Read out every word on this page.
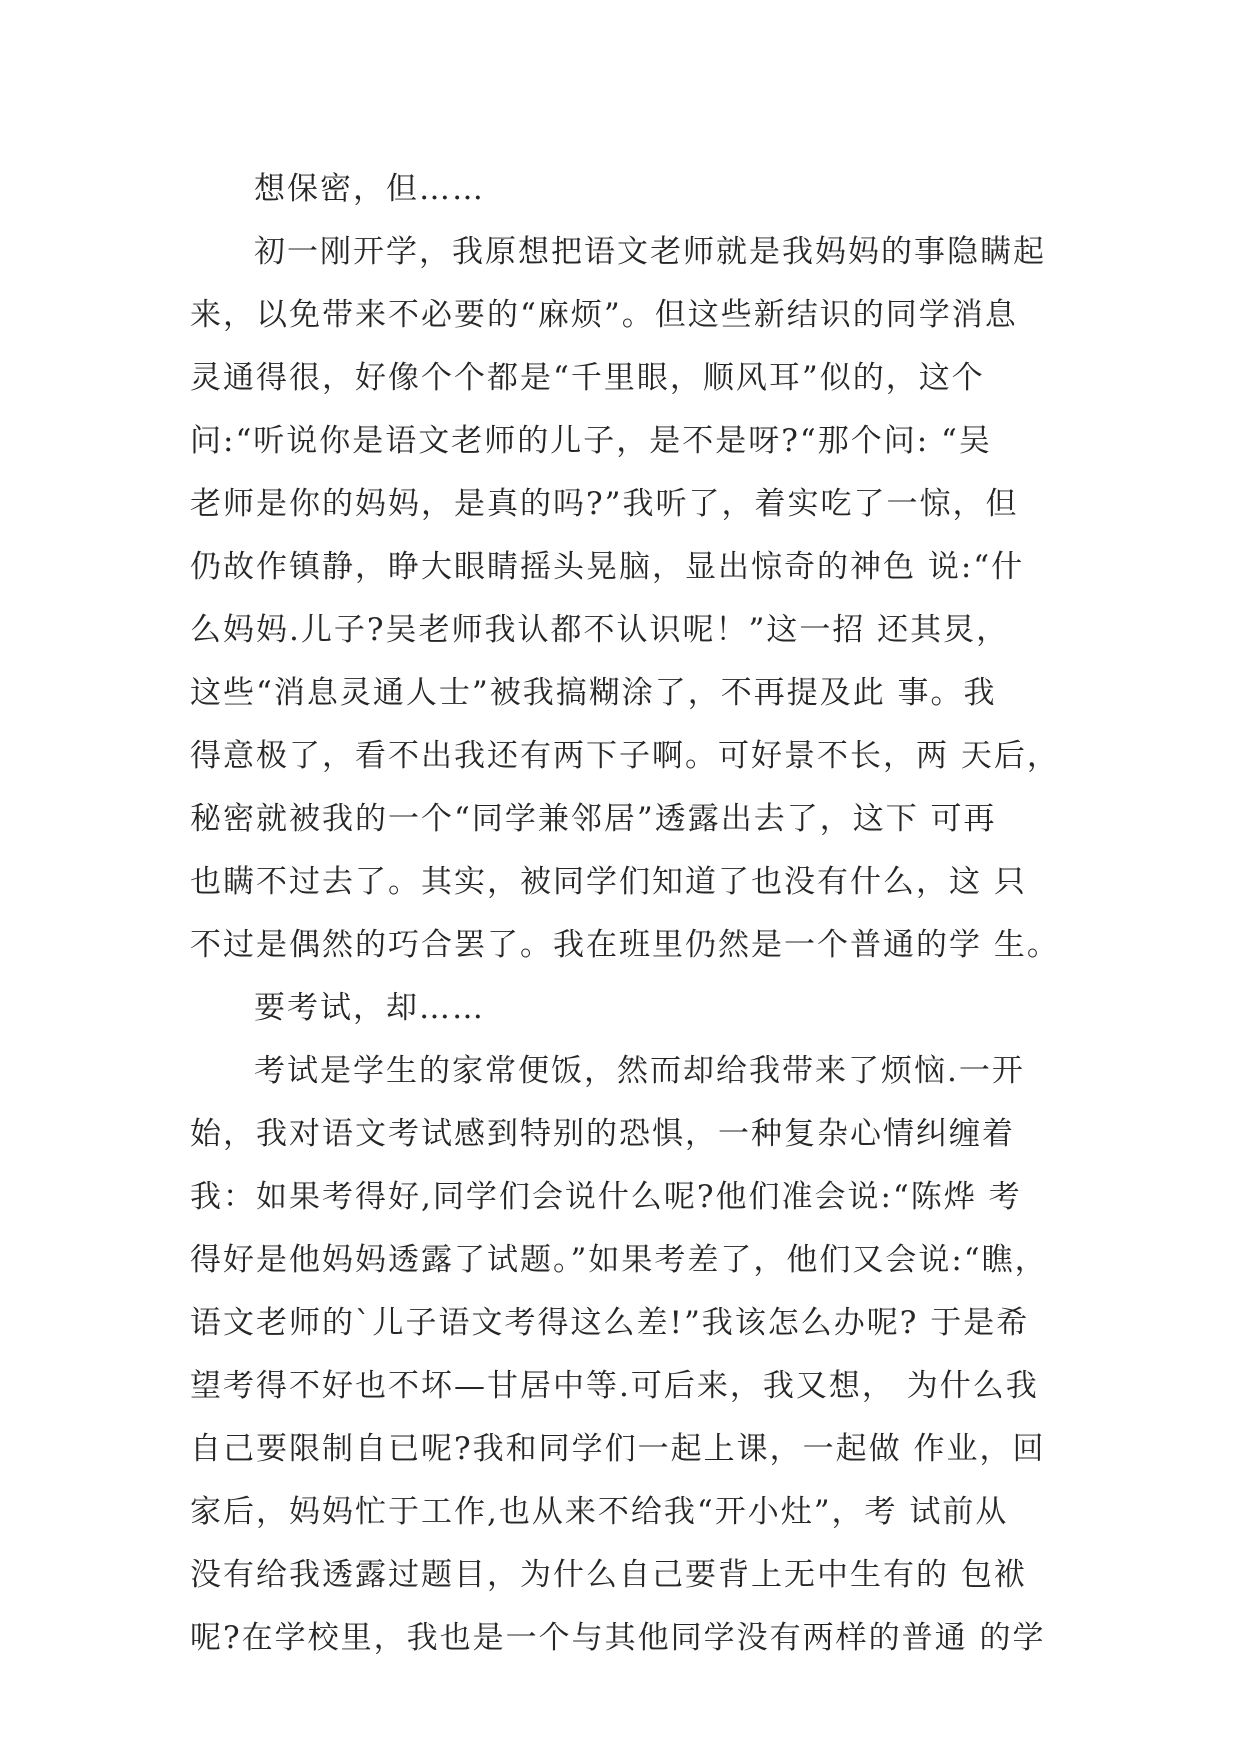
想保密，但……
初一刚开学，我原想把语文老师就是我妈妈的事隐瞒起
来，以免带来不必要的“麻烦”。但这些新结识的同学消息
灵通得很，好像个个都是“千里眼，顺风耳”似的，这个
问:“听说你是语文老师的儿子，是不是呀?“那个问: “吴
老师是你的妈妈，是真的吗?”我听了，着实吃了一惊，但
仍故作镇静，睁大眼睛摇头晃脑，显出惊奇的神色 说:“什
么妈妈.儿子?吴老师我认都不认识呢！”这一招 还其炅，
这些“消息灵通人士”被我搞糊涂了，不再提及此 事。我
得意极了，看不出我还有两下子啊。可好景不长，两 天后，
秘密就被我的一个“同学兼邻居”透露出去了，这下 可再
也瞒不过去了。其实，被同学们知道了也没有什么，这 只
不过是偶然的巧合罢了。我在班里仍然是一个普通的学 生。
要考试，却……
考试是学生的家常便饭，然而却给我带来了烦恼.一开
始，我对语文考试感到特别的恐惧，一种复杂心情纠缠着
我：如果考得好,同学们会说什么呢?他们准会说:“陈烨 考
得好是他妈妈透露了试题。”如果考差了，他们又会说:“瞧，
语文老师的`儿子语文考得这么差!”我该怎么办呢? 于是希
望考得不好也不坏—甘居中等.可后来，我又想， 为什么我
自己要限制自已呢?我和同学们一起上课，一起做 作业，回
家后，妈妈忙于工作,也从来不给我“开小灶”，考 试前从
没有给我透露过题目，为什么自己要背上无中生有的 包袱
呢?在学校里，我也是一个与其他同学没有两样的普通 的学
